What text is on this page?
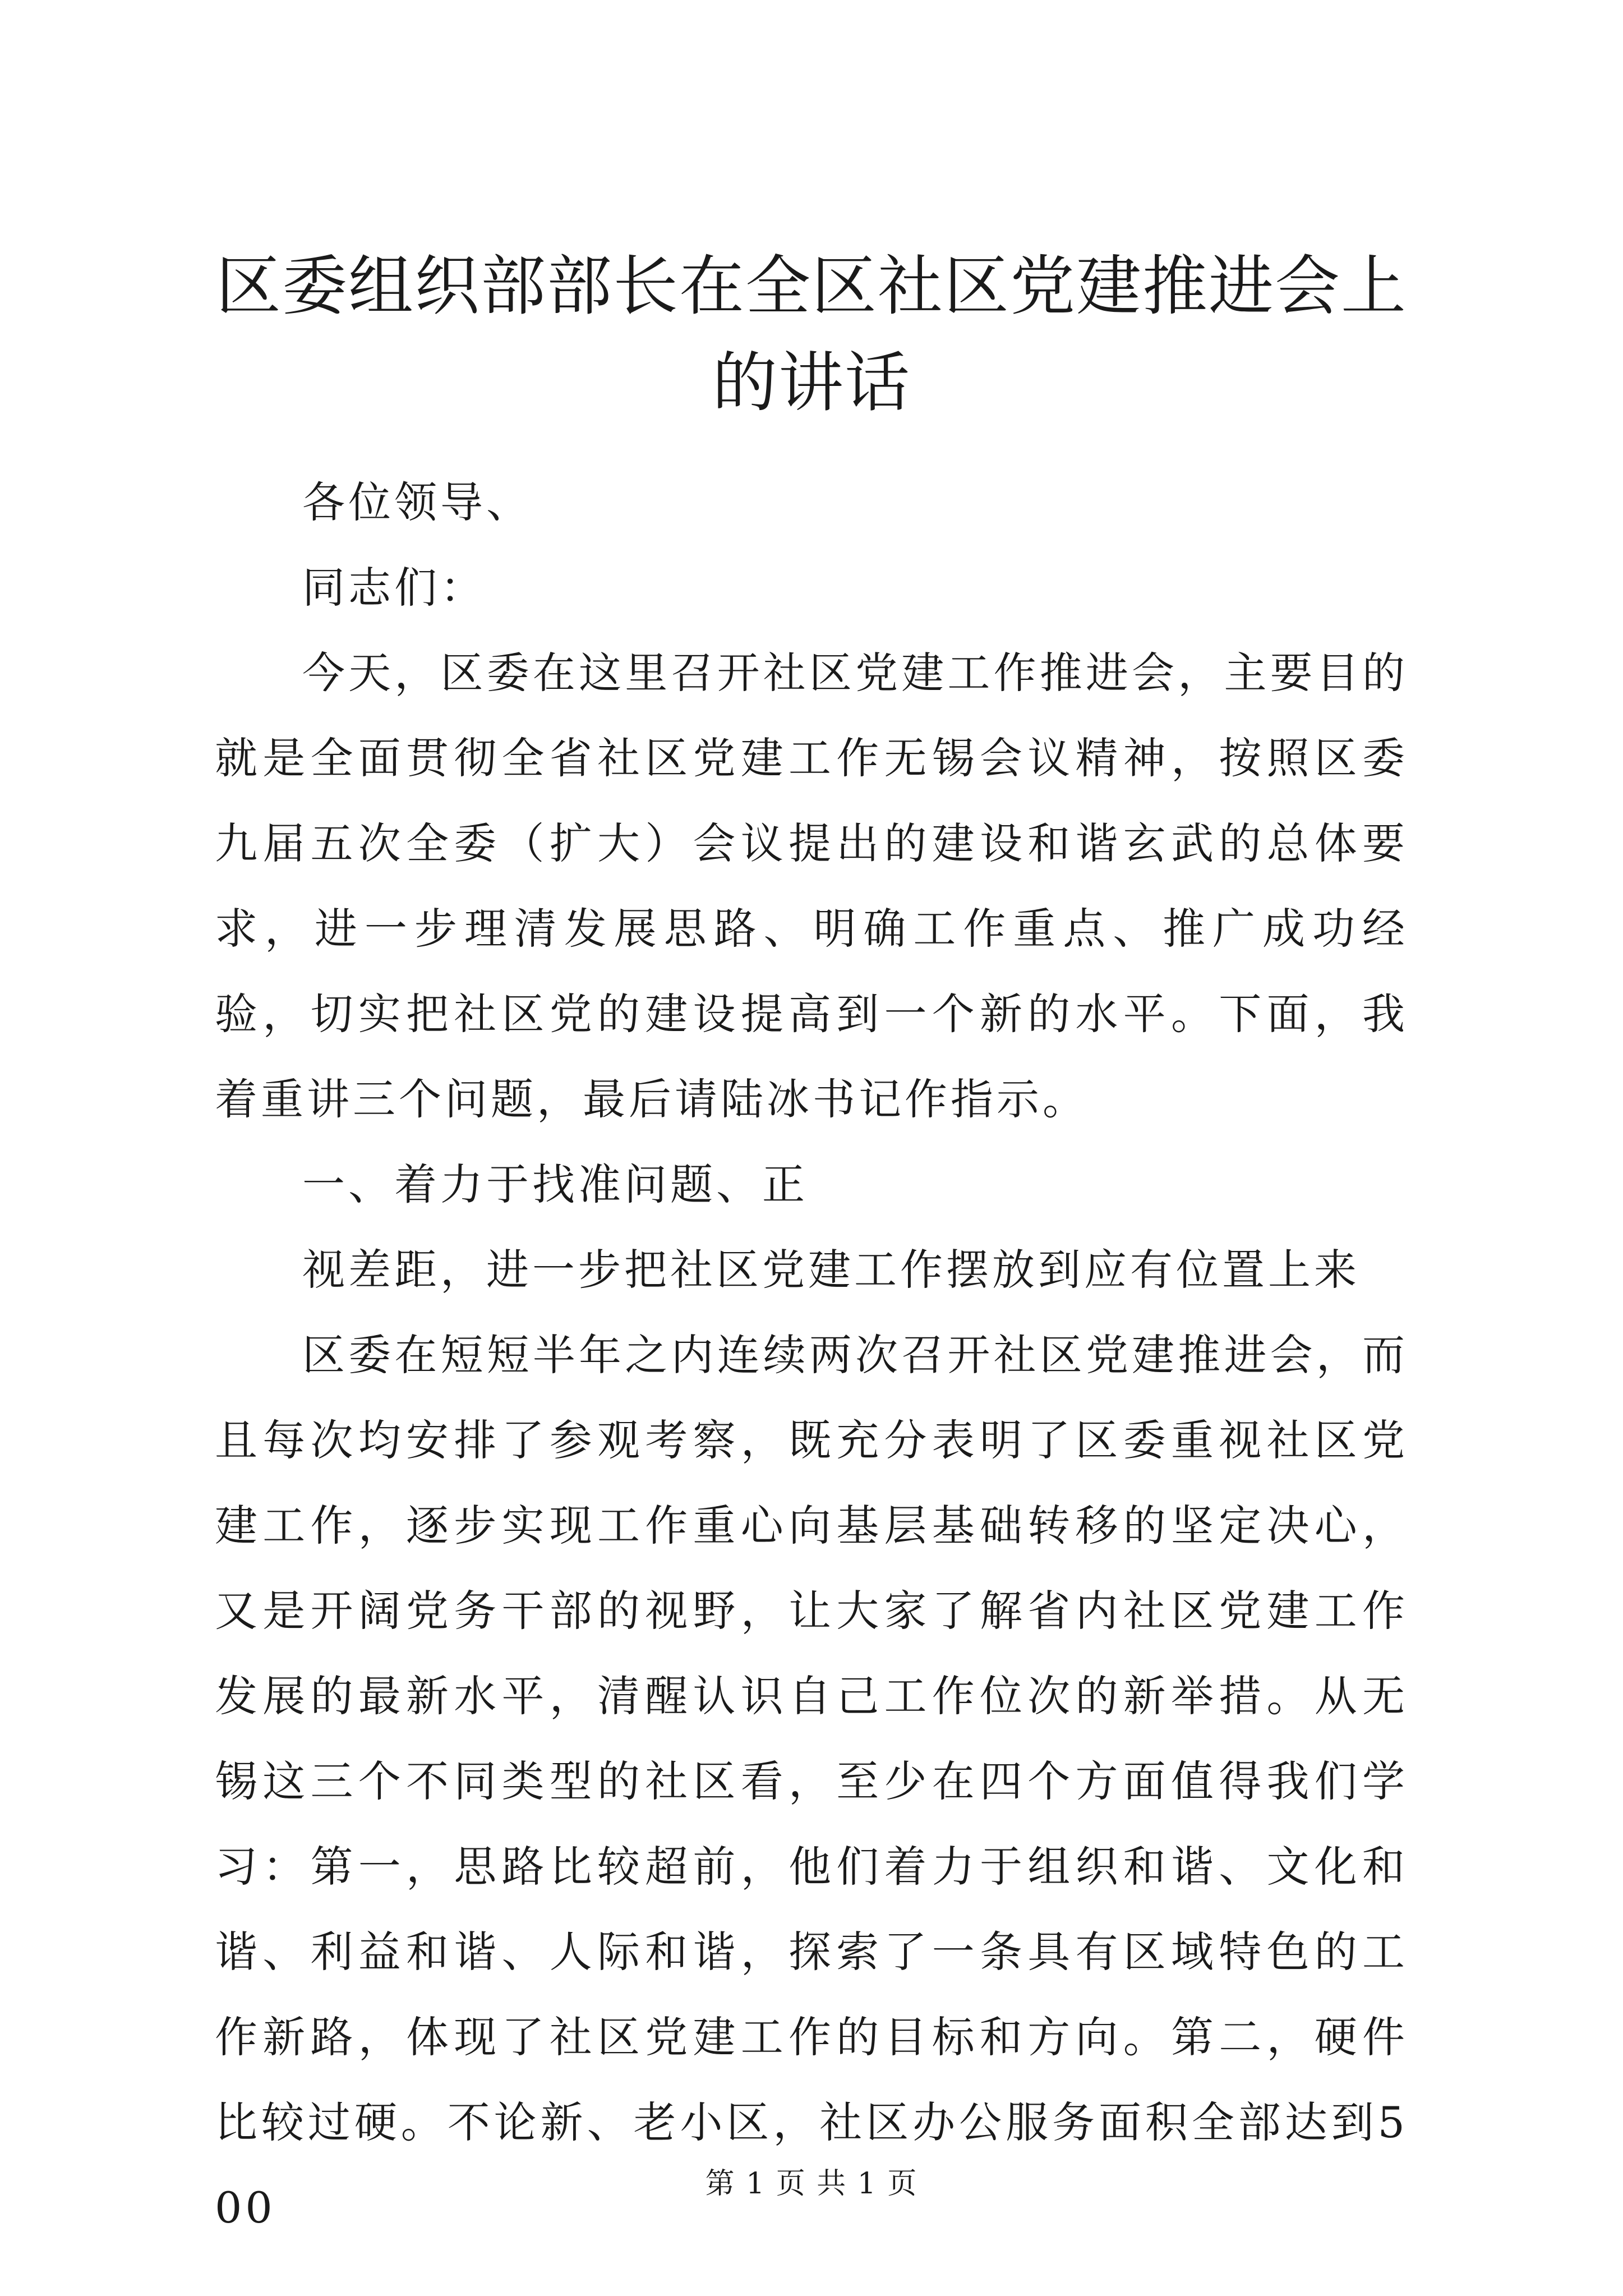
区委组织部部长在全区社区党建推进会上的讲话

各位领导、

同志们：

今天，区委在这里召开社区党建工作推进会，主要目的就是全面贯彻全省社区党建工作无锡会议精神，按照区委九届五次全委（扩大）会议提出的建设和谐玄武的总体要求，进一步理清发展思路、明确工作重点、推广成功经验，切实把社区党的建设提高到一个新的水平。下面，我着重讲三个问题，最后请陆冰书记作指示。

一、着力于找准问题、正

视差距，进一步把社区党建工作摆放到应有位置上来

区委在短短半年之内连续两次召开社区党建推进会，而且每次均安排了参观考察，既充分表明了区委重视社区党建工作，逐步实现工作重心向基层基础转移的坚定决心，又是开阔党务干部的视野，让大家了解省内社区党建工作发展的最新水平，清醒认识自己工作位次的新举措。从无锡这三个不同类型的社区看，至少在四个方面值得我们学习：第一，思路比较超前，他们着力于组织和谐、文化和谐、利益和谐、人际和谐，探索了一条具有区域特色的工作新路，体现了社区党建工作的目标和方向。第二，硬件比较过硬。不论新、老小区，社区办公服务面积全部达到500	第 1 页 共 1 页
